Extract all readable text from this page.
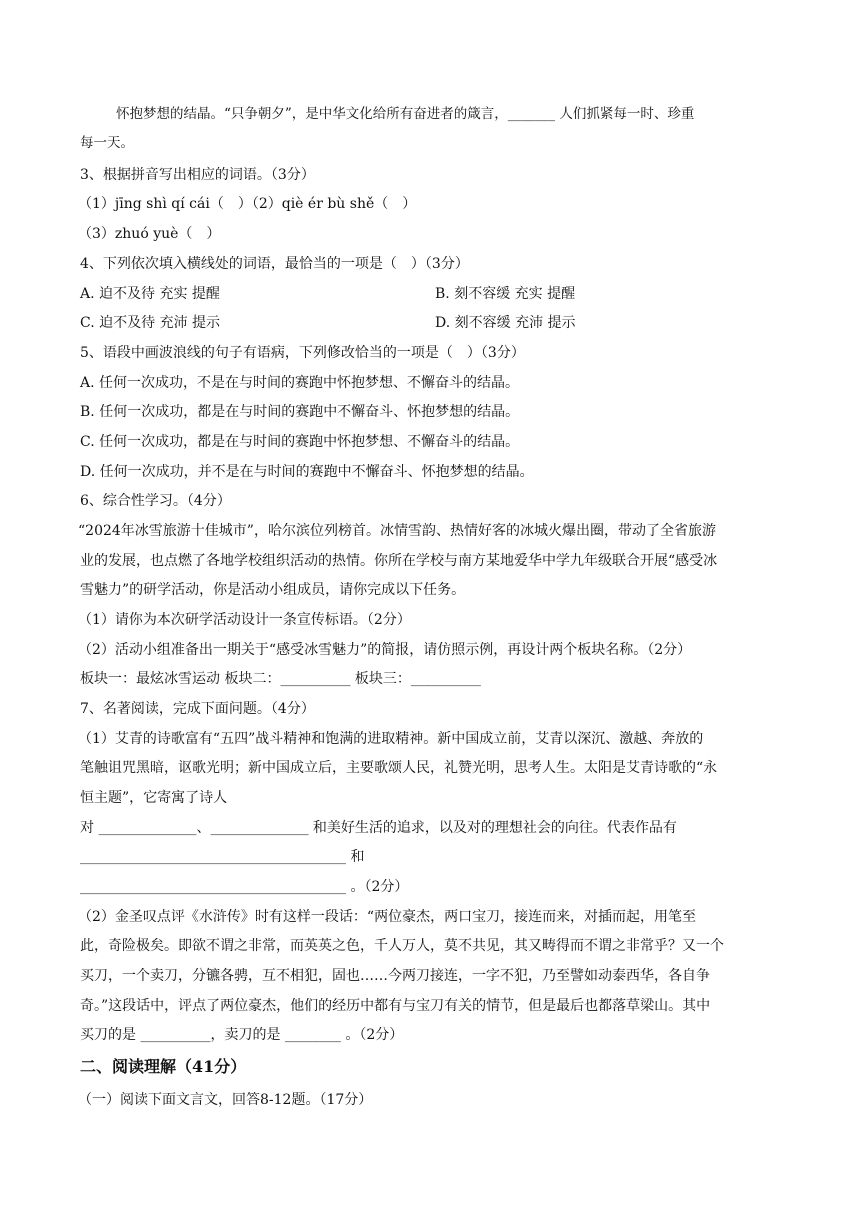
怀抱梦想的结晶。“只争朝夕”，是中华文化给所有奋进者的箴言，_______ 人们抓紧每一时、珍重
每一天。
3、根据拼音写出相应的词语。（3分）
（1）jīng shì qí cái（　）（2）qiè ér bù shě（　）
（3）zhuó yuè（　）
4、下列依次填入横线处的词语，最恰当的一项是（　）（3分）
A. 迫不及待 充实 提醒	B. 刻不容缓 充实 提醒
C. 迫不及待 充沛 提示	D. 刻不容缓 充沛 提示
5、语段中画波浪线的句子有语病，下列修改恰当的一项是（　）（3分）
A. 任何一次成功，不是在与时间的赛跑中怀抱梦想、不懈奋斗的结晶。
B. 任何一次成功，都是在与时间的赛跑中不懈奋斗、怀抱梦想的结晶。
C. 任何一次成功，都是在与时间的赛跑中怀抱梦想、不懈奋斗的结晶。
D. 任何一次成功，并不是在与时间的赛跑中不懈奋斗、怀抱梦想的结晶。
6、综合性学习。（4分）
“2024年冰雪旅游十佳城市”，哈尔滨位列榜首。冰情雪韵、热情好客的冰城火爆出圈，带动了全省旅游
业的发展，也点燃了各地学校组织活动的热情。你所在学校与南方某地爱华中学九年级联合开展“感受冰
雪魅力”的研学活动，你是活动小组成员，请你完成以下任务。
（1）请你为本次研学活动设计一条宣传标语。（2分）
（2）活动小组准备出一期关于“感受冰雪魅力”的简报，请仿照示例，再设计两个板块名称。（2分）
板块一：最炫冰雪运动 板块二：__________ 板块三：__________
7、名著阅读，完成下面问题。（4分）
（1）艾青的诗歌富有“五四”战斗精神和饱满的进取精神。新中国成立前，艾青以深沉、激越、奔放的
笔触诅咒黑暗，讴歌光明；新中国成立后，主要歌颂人民，礼赞光明，思考人生。太阳是艾青诗歌的“永
恒主题”，它寄寓了诗人
对 ______________、______________ 和美好生活的追求，以及对的理想社会的向往。代表作品有
______________________________________ 和
______________________________________ 。（2分）
（2）金圣叹点评《水浒传》时有这样一段话：“两位豪杰，两口宝刀，接连而来，对插而起，用笔至
此，奇险极矣。即欲不谓之非常，而英英之色，千人万人，莫不共见，其又畴得而不谓之非常乎？又一个
买刀，一个卖刀，分镳各骋，互不相犯，固也……今两刀接连，一字不犯，乃至譬如动泰西华，各自争
奇。”这段话中，评点了两位豪杰，他们的经历中都有与宝刀有关的情节，但是最后也都落草梁山。其中
买刀的是 __________，卖刀的是 ________ 。（2分）
二、阅读理解（41分）
（一）阅读下面文言文，回答8-12题。（17分）
